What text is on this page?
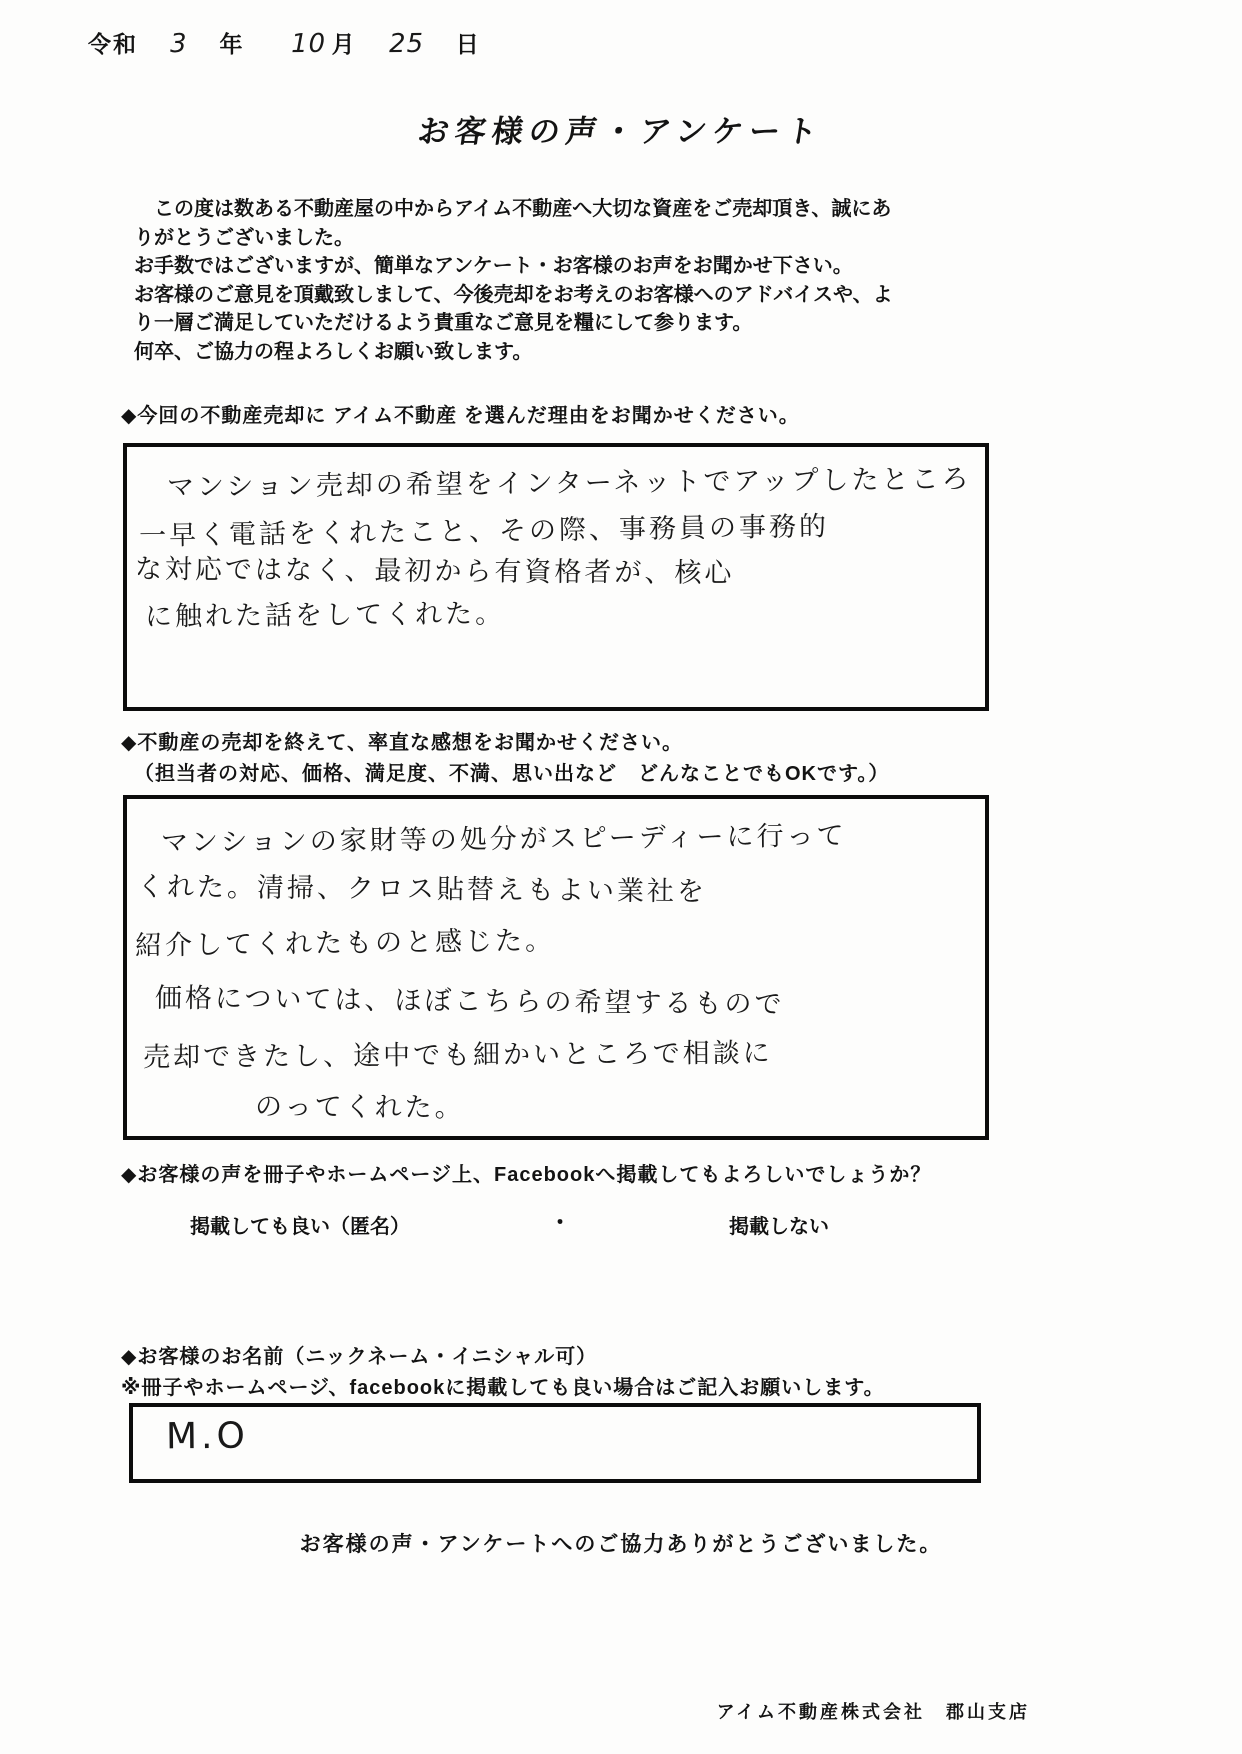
令和 3 年 10 月 25 日
お客様の声・アンケート
　この度は数ある不動産屋の中からアイム不動産へ大切な資産をご売却頂き、誠にあ
りがとうございました。
お手数ではございますが、簡単なアンケート・お客様のお声をお聞かせ下さい。
お客様のご意見を頂戴致しまして、今後売却をお考えのお客様へのアドバイスや、よ
り一層ご満足していただけるよう貴重なご意見を糧にして参ります。
何卒、ご協力の程よろしくお願い致します。
◆今回の不動産売却に アイム不動産 を選んだ理由をお聞かせください。
マンション売却の希望をインターネットでアップしたところ
一早く電話をくれたこと、その際、事務員の事務的
な対応ではなく、最初から有資格者が、核心
に触れた話をしてくれた。
◆不動産の売却を終えて、率直な感想をお聞かせください。
（担当者の対応、価格、満足度、不満、思い出など　どんなことでもOKです。）
マンションの家財等の処分がスピーディーに行って
くれた。清掃、クロス貼替えもよい業社を
紹介してくれたものと感じた。
価格については、ほぼこちらの希望するもので
売却できたし、途中でも細かいところで相談に
のってくれた。
◆お客様の声を冊子やホームページ上、Facebookへ掲載してもよろしいでしょうか？
掲載しても良い（匿名）	・	掲載しない
◆お客様のお名前（ニックネーム・イニシャル可）
※冊子やホームページ、facebookに掲載しても良い場合はご記入お願いします。
M.O
お客様の声・アンケートへのご協力ありがとうございました。
アイム不動産株式会社　郡山支店
